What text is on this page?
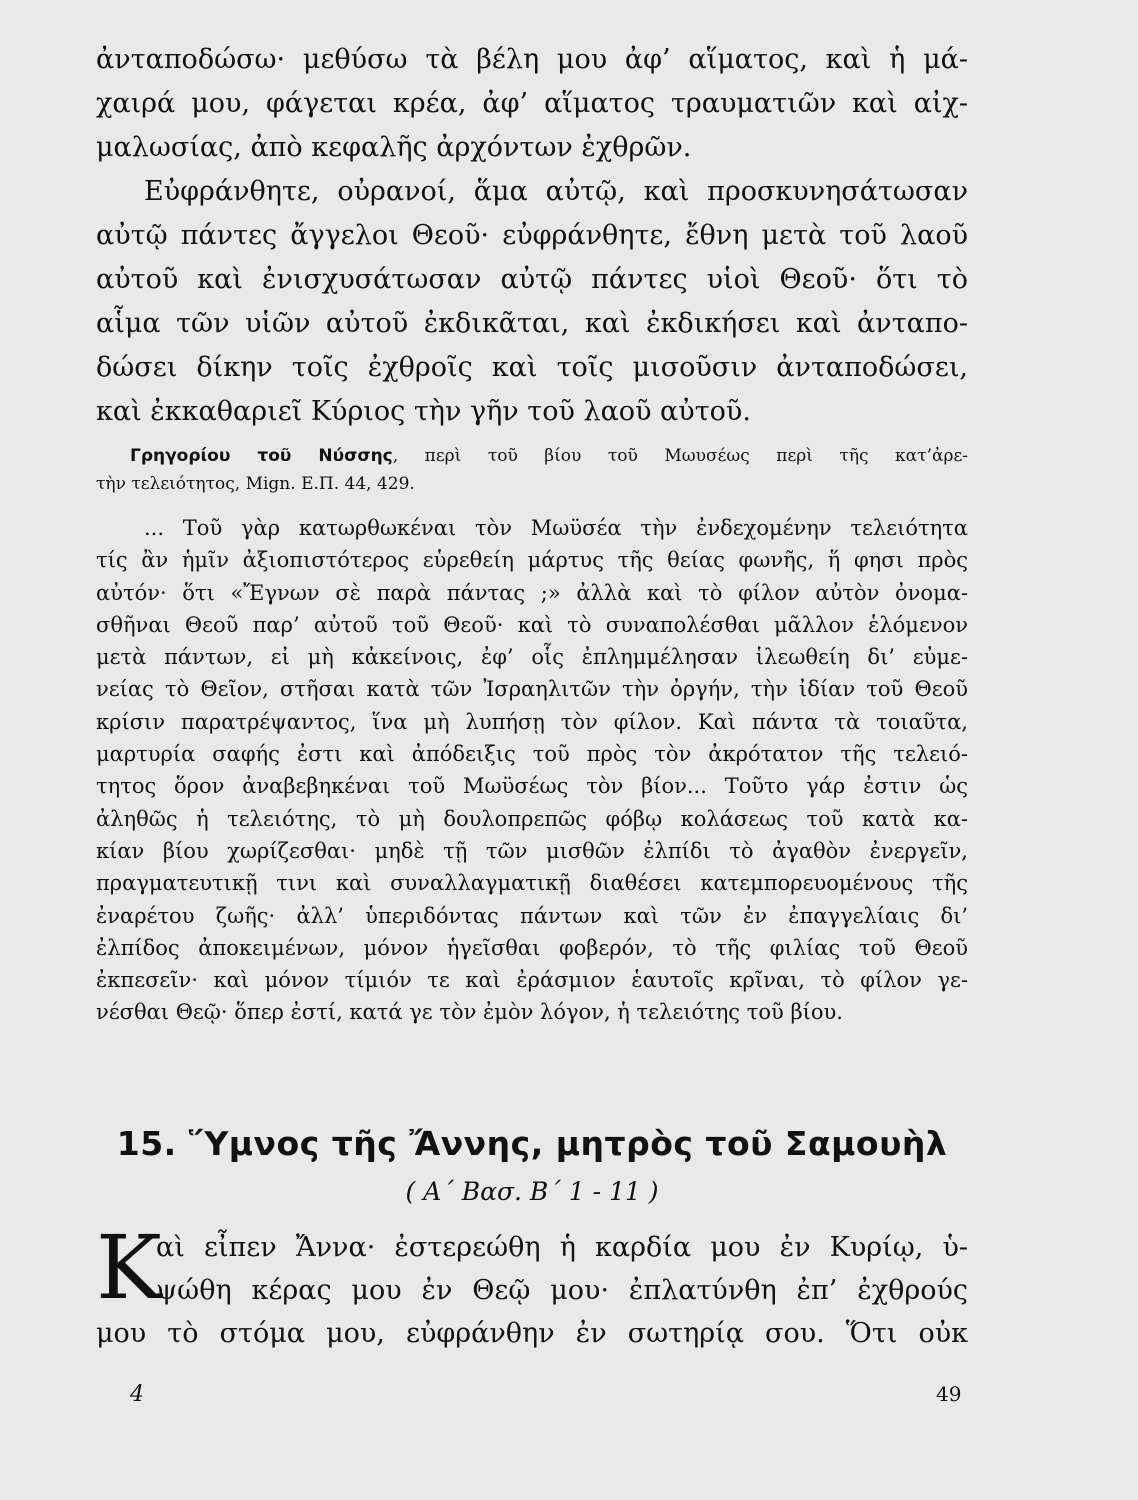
ἀνταποδώσω· μεθύσω τὰ βέλη μου ἀφ’ αἵματος, καὶ ἡ μά-
χαιρά μου, φάγεται κρέα, ἀφ’ αἵματος τραυματιῶν καὶ αἰχ-
μαλωσίας, ἀπὸ κεφαλῆς ἀρχόντων ἐχθρῶν.
Εὐφράνθητε, οὐρανοί, ἅμα αὐτῷ, καὶ προσκυνησάτωσαν
αὐτῷ πάντες ἄγγελοι Θεοῦ· εὐφράνθητε, ἔθνη μετὰ τοῦ λαοῦ
αὐτοῦ καὶ ἐνισχυσάτωσαν αὐτῷ πάντες υἱοὶ Θεοῦ· ὅτι τὸ
αἷμα τῶν υἱῶν αὐτοῦ ἐκδικᾶται, καὶ ἐκδικήσει καὶ ἀνταπο-
δώσει δίκην τοῖς ἐχθροῖς καὶ τοῖς μισοῦσιν ἀνταποδώσει,
καὶ ἐκκαθαριεῖ Κύριος τὴν γῆν τοῦ λαοῦ αὐτοῦ.
Γρηγορίου τοῦ Νύσσης, περὶ τοῦ βίου τοῦ Μωυσέως περὶ τῆς κατ’ἀρε-
τὴν τελειότητος, Mign. Ε.Π. 44, 429.
... Τοῦ γὰρ κατωρθωκέναι τὸν Μωϋσέα τὴν ἐνδεχομένην τελειότητα
τίς ἂν ἡμῖν ἀξιοπιστότερος εὑρεθείη μάρτυς τῆς θείας φωνῆς, ἥ φησι πρὸς
αὐτόν· ὅτι «Ἔγνων σὲ παρὰ πάντας ;» ἀλλὰ καὶ τὸ φίλον αὐτὸν ὀνομα-
σθῆναι Θεοῦ παρ’ αὐτοῦ τοῦ Θεοῦ· καὶ τὸ συναπολέσθαι μᾶλλον ἑλόμενον
μετὰ πάντων, εἰ μὴ κἀκείνοις, ἐφ’ οἷς ἐπλημμέλησαν ἱλεωθείη δι’ εὐμε-
νείας τὸ Θεῖον, στῆσαι κατὰ τῶν Ἰσραηλιτῶν τὴν ὀργήν, τὴν ἰδίαν τοῦ Θεοῦ
κρίσιν παρατρέψαντος, ἵνα μὴ λυπήσῃ τὸν φίλον. Καὶ πάντα τὰ τοιαῦτα,
μαρτυρία σαφής ἐστι καὶ ἀπόδειξις τοῦ πρὸς τὸν ἀκρότατον τῆς τελειό-
τητος ὅρον ἀναβεβηκέναι τοῦ Μωϋσέως τὸν βίον... Τοῦτο γάρ ἐστιν ὡς
ἀληθῶς ἡ τελειότης, τὸ μὴ δουλοπρεπῶς φόβῳ κολάσεως τοῦ κατὰ κα-
κίαν βίου χωρίζεσθαι· μηδὲ τῇ τῶν μισθῶν ἐλπίδι τὸ ἀγαθὸν ἐνεργεῖν,
πραγματευτικῇ τινι καὶ συναλλαγματικῇ διαθέσει κατεμπορευομένους τῆς
ἐναρέτου ζωῆς· ἀλλ’ ὑπεριδόντας πάντων καὶ τῶν ἐν ἐπαγγελίαις δι’
ἐλπίδος ἀποκειμένων, μόνον ἡγεῖσθαι φοβερόν, τὸ τῆς φιλίας τοῦ Θεοῦ
ἐκπεσεῖν· καὶ μόνον τίμιόν τε καὶ ἐράσμιον ἑαυτοῖς κρῖναι, τὸ φίλον γε-
νέσθαι Θεῷ· ὅπερ ἐστί, κατά γε τὸν ἐμὸν λόγον, ἡ τελειότης τοῦ βίου.
15. Ὕμνος τῆς Ἄννης, μητρὸς τοῦ Σαμουὴλ
( Α΄ Βασ. Β΄ 1 - 11 )
Κ
αὶ εἶπεν Ἄννα· ἐστερεώθη ἡ καρδία μου ἐν Κυρίῳ, ὑ-
ψώθη κέρας μου ἐν Θεῷ μου· ἐπλατύνθη ἐπ’ ἐχθρούς
μου τὸ στόμα μου, εὐφράνθην ἐν σωτηρίᾳ σου. Ὅτι οὐκ
4	49
